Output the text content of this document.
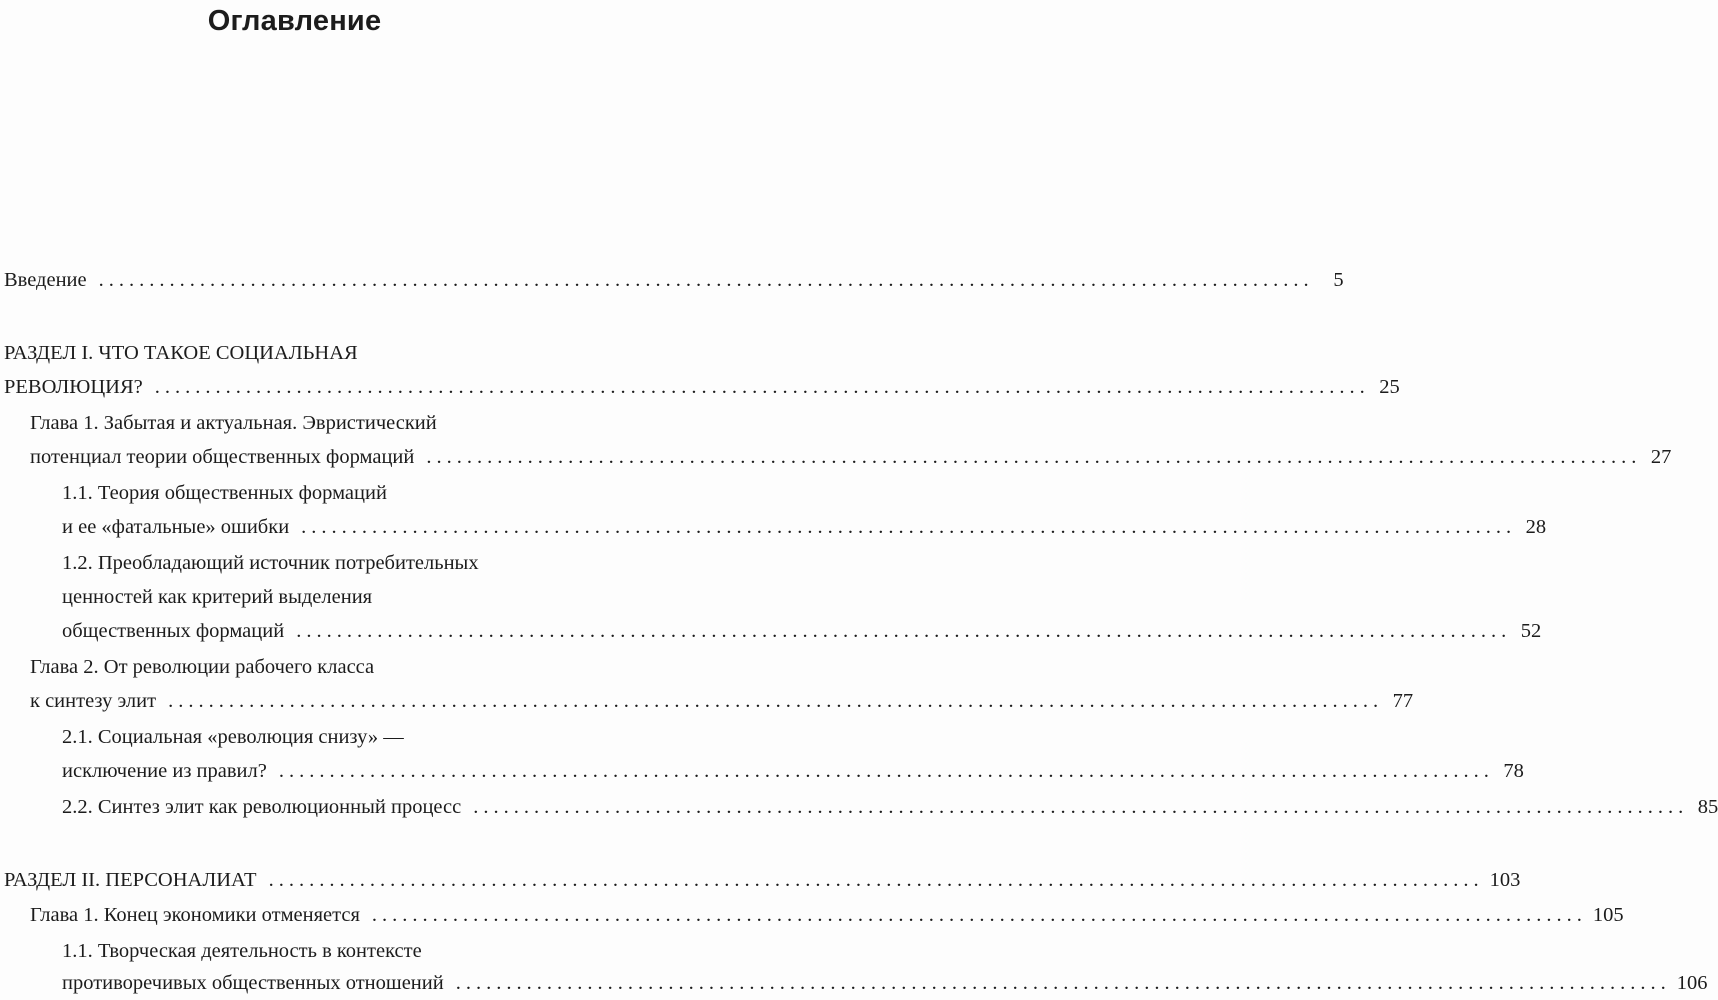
Оглавление
Введение ........................................................................................................................ 5
РАЗДЕЛ I. ЧТО ТАКОЕ СОЦИАЛЬНАЯ
РЕВОЛЮЦИЯ? ........................................................................................................................ 25
Глава 1. Забытая и актуальная. Эвристический
потенциал теории общественных формаций ........................................................................................................................ 27
1.1. Теория общественных формаций
и ее «фатальные» ошибки ........................................................................................................................ 28
1.2. Преобладающий источник потребительных
ценностей как критерий выделения
общественных формаций ........................................................................................................................ 52
Глава 2. От революции рабочего класса
к синтезу элит ........................................................................................................................ 77
2.1. Социальная «революция снизу» —
исключение из правил? ........................................................................................................................ 78
2.2. Синтез элит как революционный процесс ........................................................................................................................ 85
РАЗДЕЛ II. ПЕРСОНАЛИАТ ........................................................................................................................ 103
Глава 1. Конец экономики отменяется ........................................................................................................................ 105
1.1. Творческая деятельность в контексте
противоречивых общественных отношений ........................................................................................................................ 106
